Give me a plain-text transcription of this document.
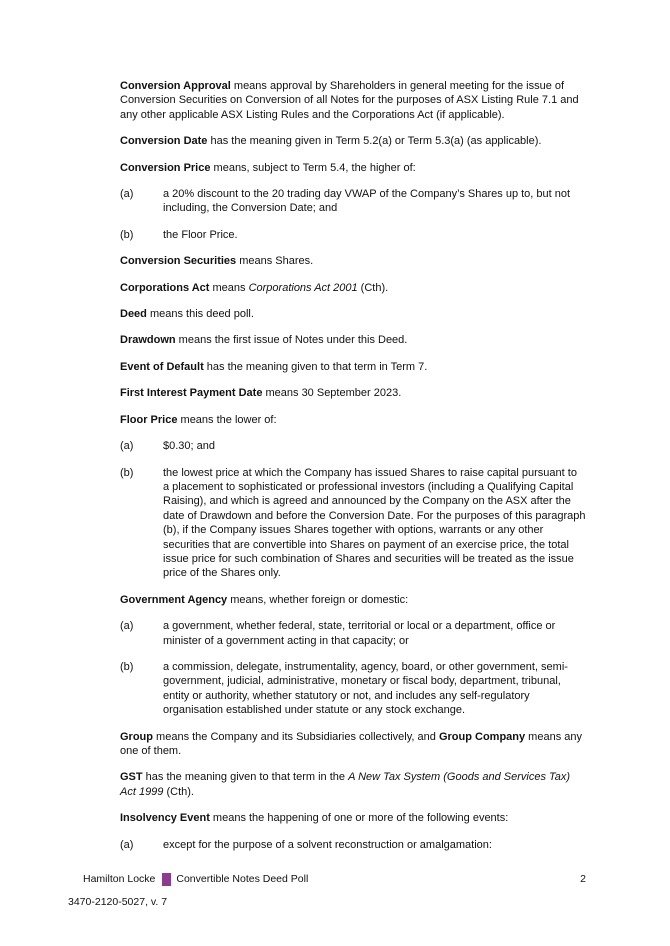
Conversion Approval means approval by Shareholders in general meeting for the issue of Conversion Securities on Conversion of all Notes for the purposes of ASX Listing Rule 7.1 and any other applicable ASX Listing Rules and the Corporations Act (if applicable).
Conversion Date has the meaning given in Term 5.2(a) or Term 5.3(a) (as applicable).
Conversion Price means, subject to Term 5.4, the higher of:
(a)	a 20% discount to the 20 trading day VWAP of the Company’s Shares up to, but not including, the Conversion Date; and
(b)	the Floor Price.
Conversion Securities means Shares.
Corporations Act means Corporations Act 2001 (Cth).
Deed means this deed poll.
Drawdown means the first issue of Notes under this Deed.
Event of Default has the meaning given to that term in Term 7.
First Interest Payment Date means 30 September 2023.
Floor Price means the lower of:
(a)	$0.30; and
(b)	the lowest price at which the Company has issued Shares to raise capital pursuant to a placement to sophisticated or professional investors (including a Qualifying Capital Raising), and which is agreed and announced by the Company on the ASX after the date of Drawdown and before the Conversion Date. For the purposes of this paragraph (b), if the Company issues Shares together with options, warrants or any other securities that are convertible into Shares on payment of an exercise price, the total issue price for such combination of Shares and securities will be treated as the issue price of the Shares only.
Government Agency means, whether foreign or domestic:
(a)	a government, whether federal, state, territorial or local or a department, office or minister of a government acting in that capacity; or
(b)	a commission, delegate, instrumentality, agency, board, or other government, semi-government, judicial, administrative, monetary or fiscal body, department, tribunal, entity or authority, whether statutory or not, and includes any self-regulatory organisation established under statute or any stock exchange.
Group means the Company and its Subsidiaries collectively, and Group Company means any one of them.
GST has the meaning given to that term in the A New Tax System (Goods and Services Tax) Act 1999 (Cth).
Insolvency Event means the happening of one or more of the following events:
(a)	except for the purpose of a solvent reconstruction or amalgamation:
Hamilton Locke Convertible Notes Deed Poll	2
3470-2120-5027, v. 7
